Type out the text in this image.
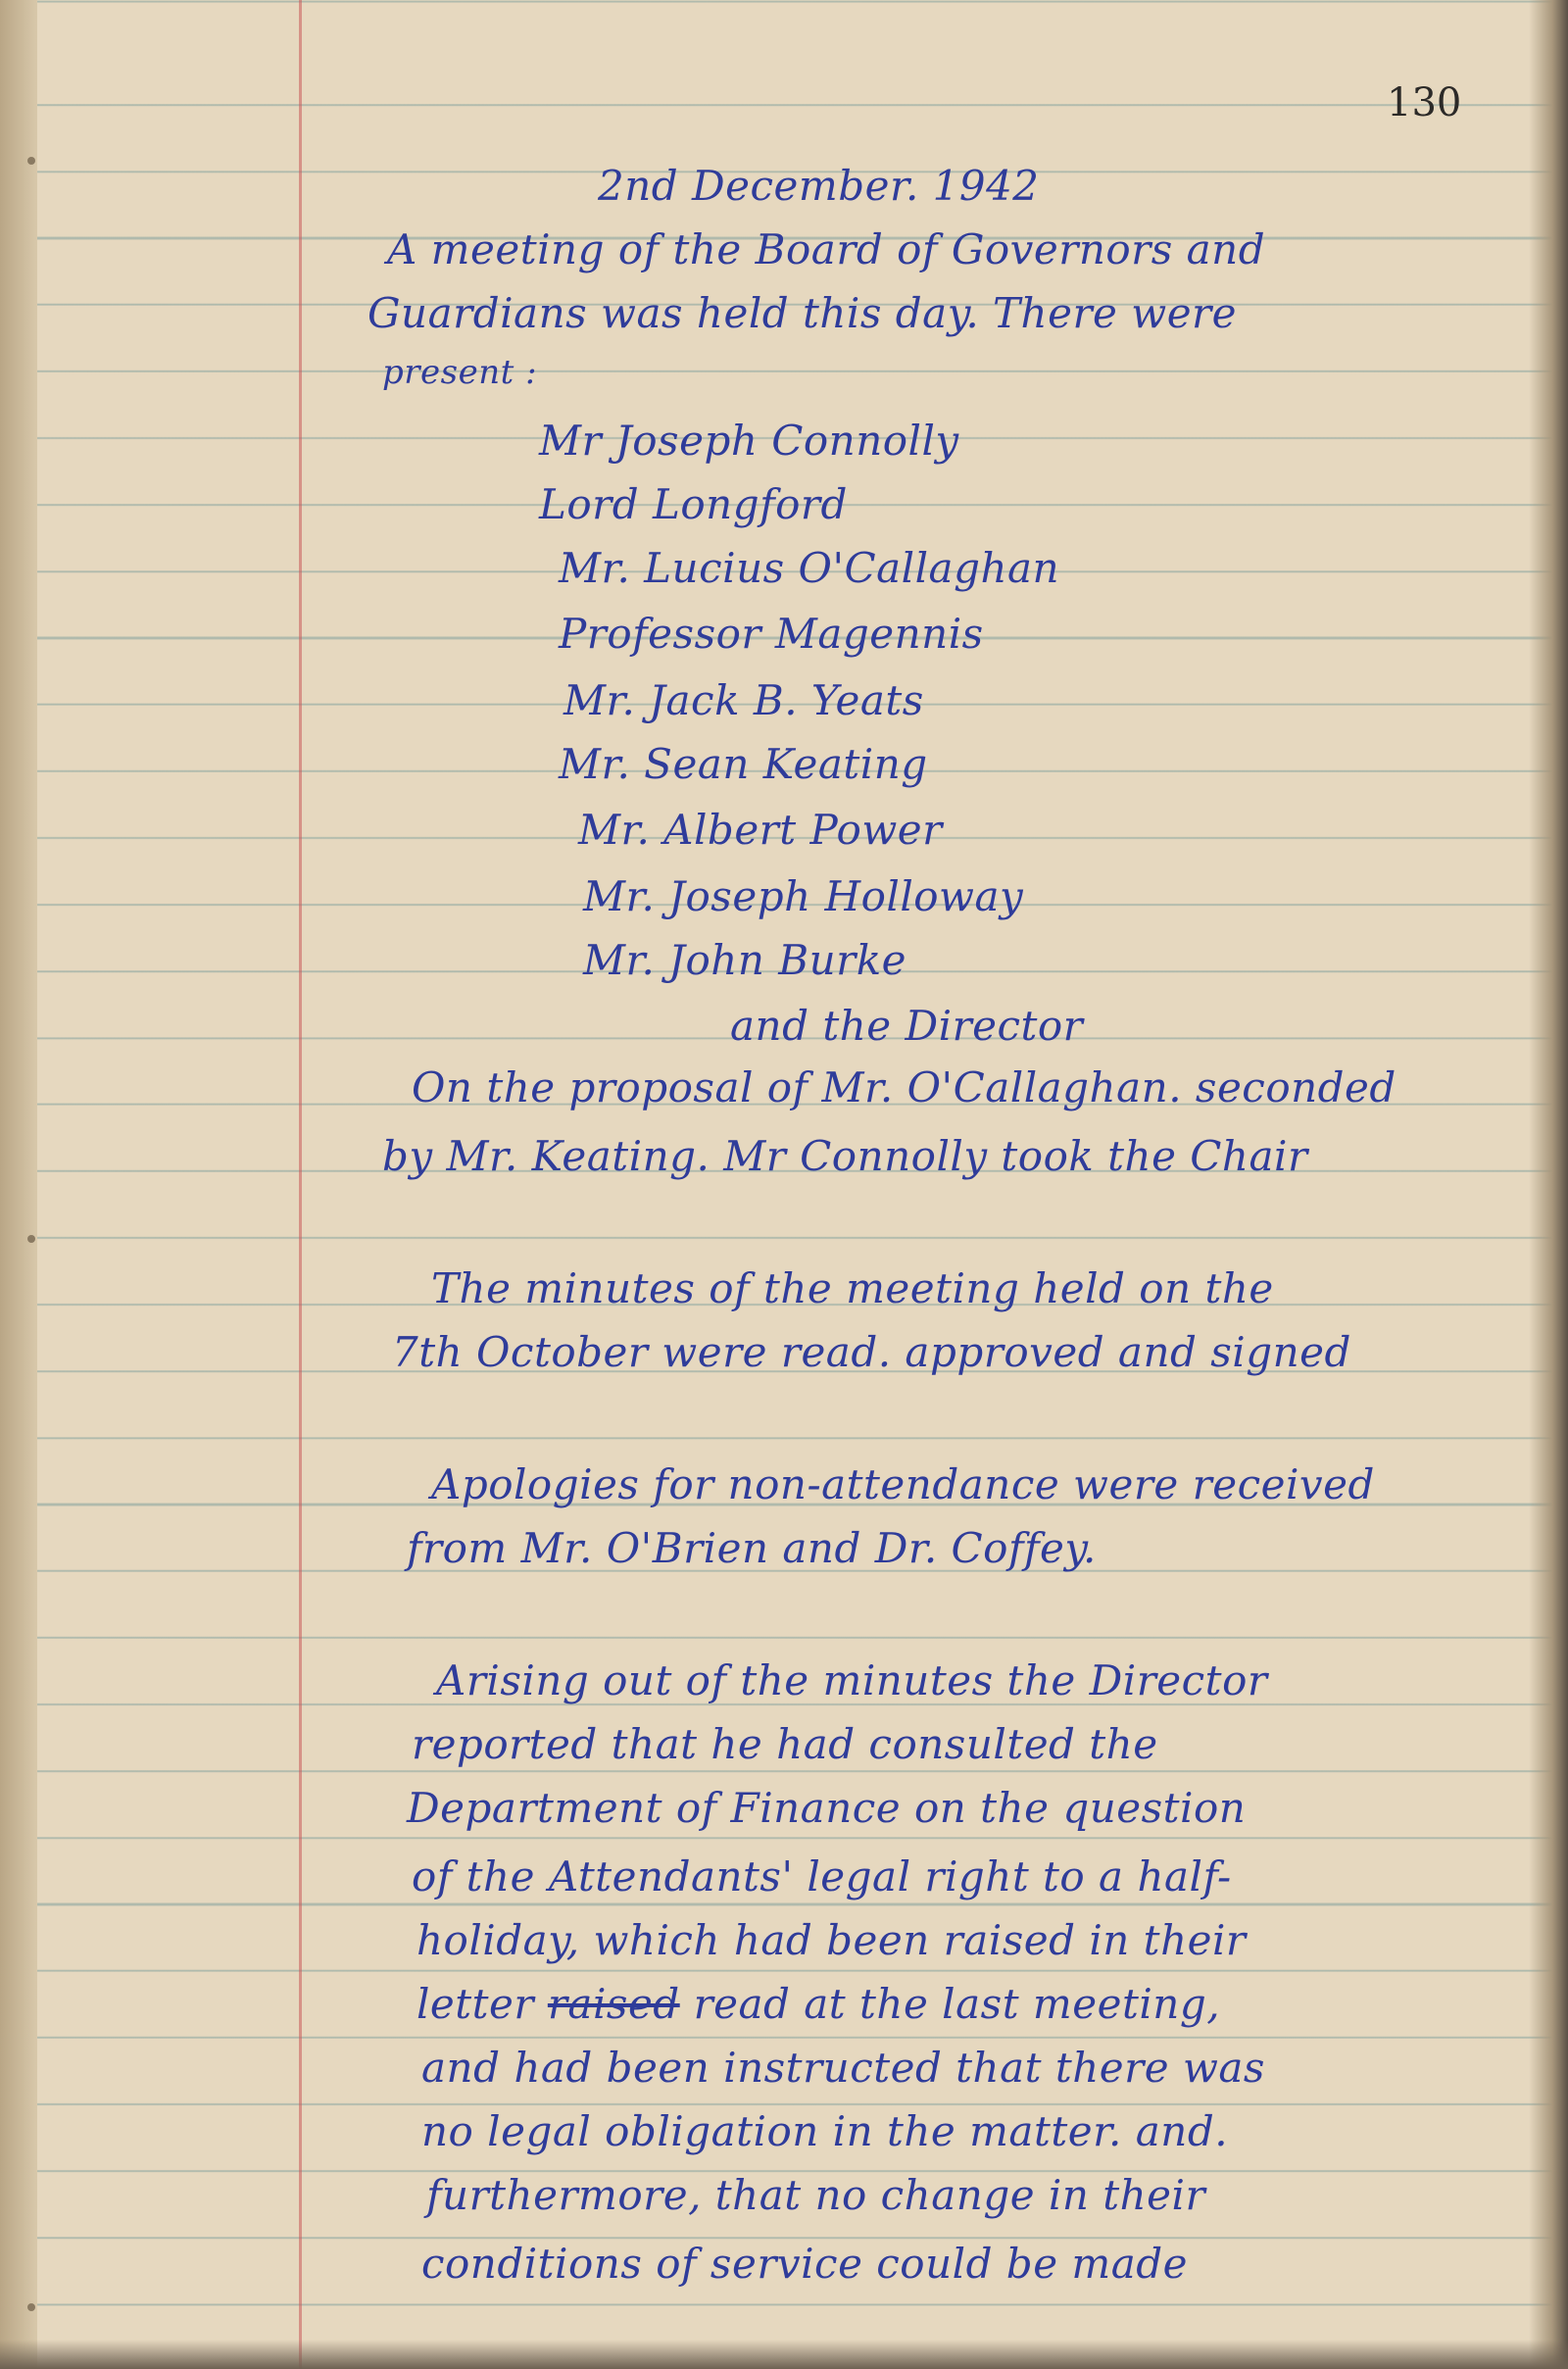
130
2nd December. 1942
A meeting of the Board of Governors and
Guardians was held this day. There were
present :
Mr Joseph Connolly
Lord Longford
Mr. Lucius O'Callaghan
Professor Magennis
Mr. Jack B. Yeats
Mr. Sean Keating
Mr. Albert Power
Mr. Joseph Holloway
Mr. John Burke
and the Director
On the proposal of Mr. O'Callaghan. seconded
by Mr. Keating. Mr Connolly took the Chair
The minutes of the meeting held on the
7th October were read. approved and signed
Apologies for non-attendance were received
from Mr. O'Brien and Dr. Coffey.
Arising out of the minutes the Director
reported that he had consulted the
Department of Finance on the question
of the Attendants' legal right to a half-
holiday, which had been raised in their
letter raised read at the last meeting,
and had been instructed that there was
no legal obligation in the matter. and.
furthermore, that no change in their
conditions of service could be made
